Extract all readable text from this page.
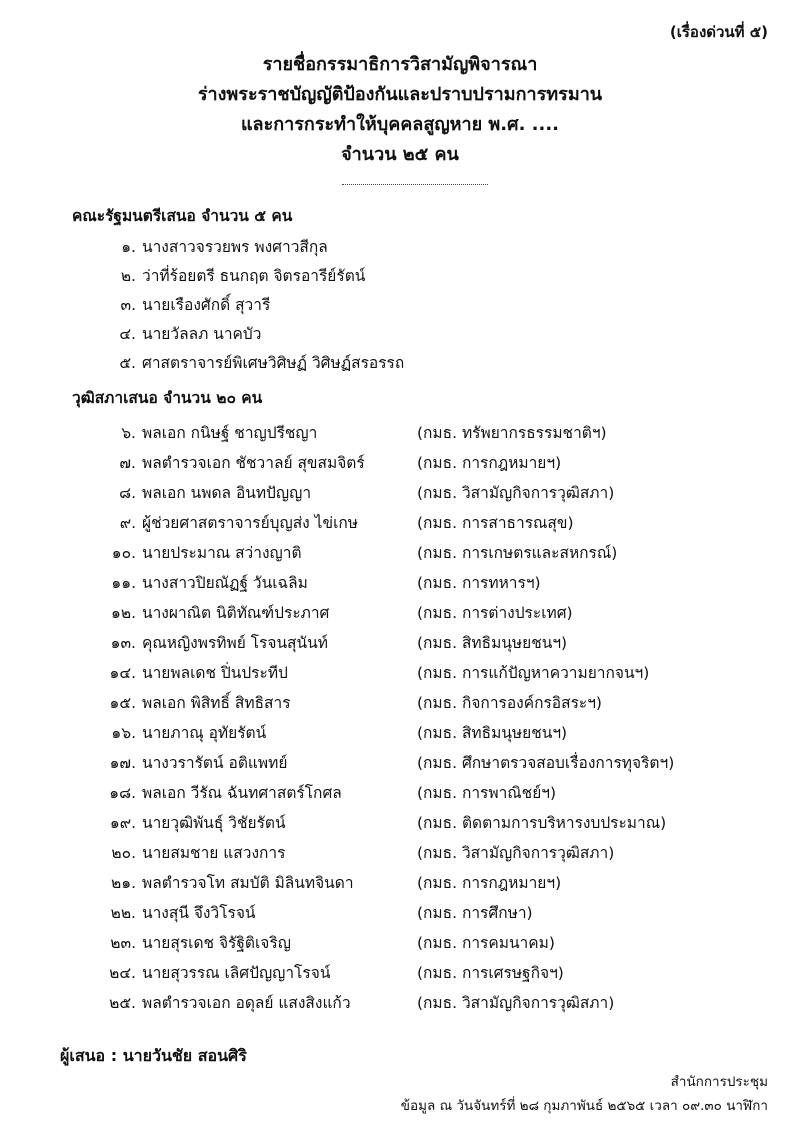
(เรื่องด่วนที่ ๕)
รายชื่อกรรมาธิการวิสามัญพิจารณา
ร่างพระราชบัญญัติป้องกันและปราบปรามการทรมาน
และการกระทำให้บุคคลสูญหาย พ.ศ. ....
จำนวน ๒๕ คน
คณะรัฐมนตรีเสนอ จำนวน ๕ คน
๑. นางสาวจรวยพร พงศาวสีกุล
๒. ว่าที่ร้อยตรี ธนกฤต จิตรอารีย์รัตน์
๓. นายเรืองศักดิ์ สุวารี
๔. นายวัลลภ นาคบัว
๕. ศาสตราจารย์พิเศษวิศิษฏ์ วิศิษฏ์สรอรรถ
วุฒิสภาเสนอ จำนวน ๒๐ คน
๖. พลเอก กนิษฐ์ ชาญปรีชญา	(กมธ. ทรัพยากรธรรมชาติฯ)
๗. พลตำรวจเอก ชัชวาลย์ สุขสมจิตร์	(กมธ. การกฎหมายฯ)
๘. พลเอก นพดล อินทปัญญา	(กมธ. วิสามัญกิจการวุฒิสภา)
๙. ผู้ช่วยศาสตราจารย์บุญส่ง ไข่เกษ	(กมธ. การสาธารณสุข)
๑๐. นายประมาณ สว่างญาติ	(กมธ. การเกษตรและสหกรณ์)
๑๑. นางสาวปิยณัฏฐ์ วันเฉลิม	(กมธ. การทหารฯ)
๑๒. นางผาณิต นิติทัณฑ์ประภาศ	(กมธ. การต่างประเทศ)
๑๓. คุณหญิงพรทิพย์ โรจนสุนันท์	(กมธ. สิทธิมนุษยชนฯ)
๑๔. นายพลเดช ปิ่นประทีป	(กมธ. การแก้ปัญหาความยากจนฯ)
๑๕. พลเอก พิสิทธิ์ สิทธิสาร	(กมธ. กิจการองค์กรอิสระฯ)
๑๖. นายภาณุ อุทัยรัตน์	(กมธ. สิทธิมนุษยชนฯ)
๑๗. นางวรารัตน์ อติแพทย์	(กมธ. ศึกษาตรวจสอบเรื่องการทุจริตฯ)
๑๘. พลเอก วีรัณ ฉันทศาสตร์โกศล	(กมธ. การพาณิชย์ฯ)
๑๙. นายวุฒิพันธุ์ วิชัยรัตน์	(กมธ. ติดตามการบริหารงบประมาณ)
๒๐. นายสมชาย แสวงการ	(กมธ. วิสามัญกิจการวุฒิสภา)
๒๑. พลตำรวจโท สมบัติ มิลินทจินดา	(กมธ. การกฎหมายฯ)
๒๒. นางสุนี จึงวิโรจน์	(กมธ. การศึกษา)
๒๓. นายสุรเดช จิรัฐิติเจริญ	(กมธ. การคมนาคม)
๒๔. นายสุวรรณ เลิศปัญญาโรจน์	(กมธ. การเศรษฐกิจฯ)
๒๕. พลตำรวจเอก อดุลย์ แสงสิงแก้ว	(กมธ. วิสามัญกิจการวุฒิสภา)
ผู้เสนอ : นายวันชัย สอนศิริ
สำนักการประชุม
ข้อมูล ณ วันจันทร์ที่ ๒๘ กุมภาพันธ์ ๒๕๖๕ เวลา ๐๙.๓๐ นาฬิกา
